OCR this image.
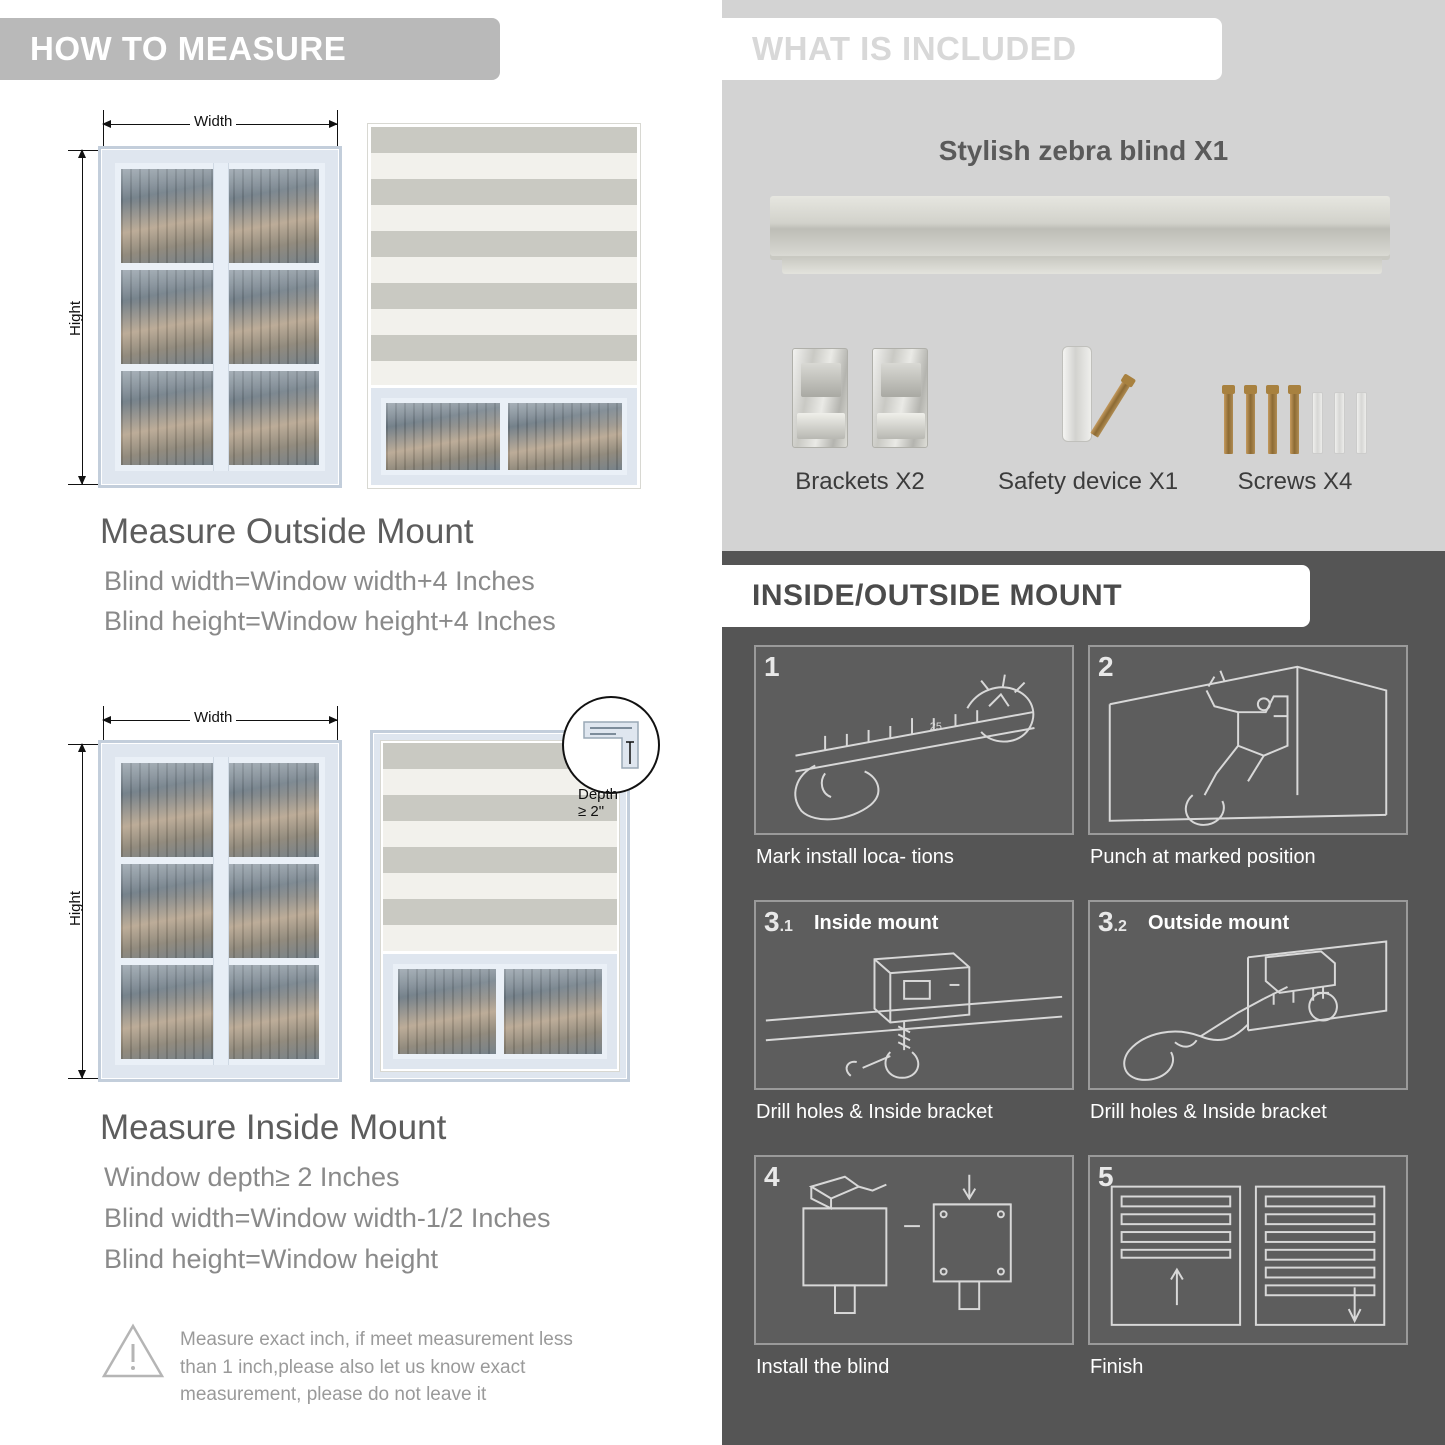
HOW TO MEASURE
Width
Hight
Measure Outside Mount
Blind width=Window width+4 Inches
Blind height=Window height+4 Inches
Width
Hight
Depth ≥ 2"
Measure Inside Mount
Window depth≥ 2 Inches
Blind width=Window width-1/2 Inches
Blind height=Window height
Measure exact inch, if meet measurement less
than 1 inch,please also let us know exact
measurement, please do not leave it
WHAT IS INCLUDED
Stylish zebra blind X1
Brackets X2	Safety device X1	Screws X4
INSIDE/OUTSIDE MOUNT
25
1
Mark install loca- tions
2
Punch at marked position
3.1 Inside mount
Drill holes & Inside bracket
3.2 Outside mount
Drill holes & Inside bracket
4
Install the blind
5
Finish
